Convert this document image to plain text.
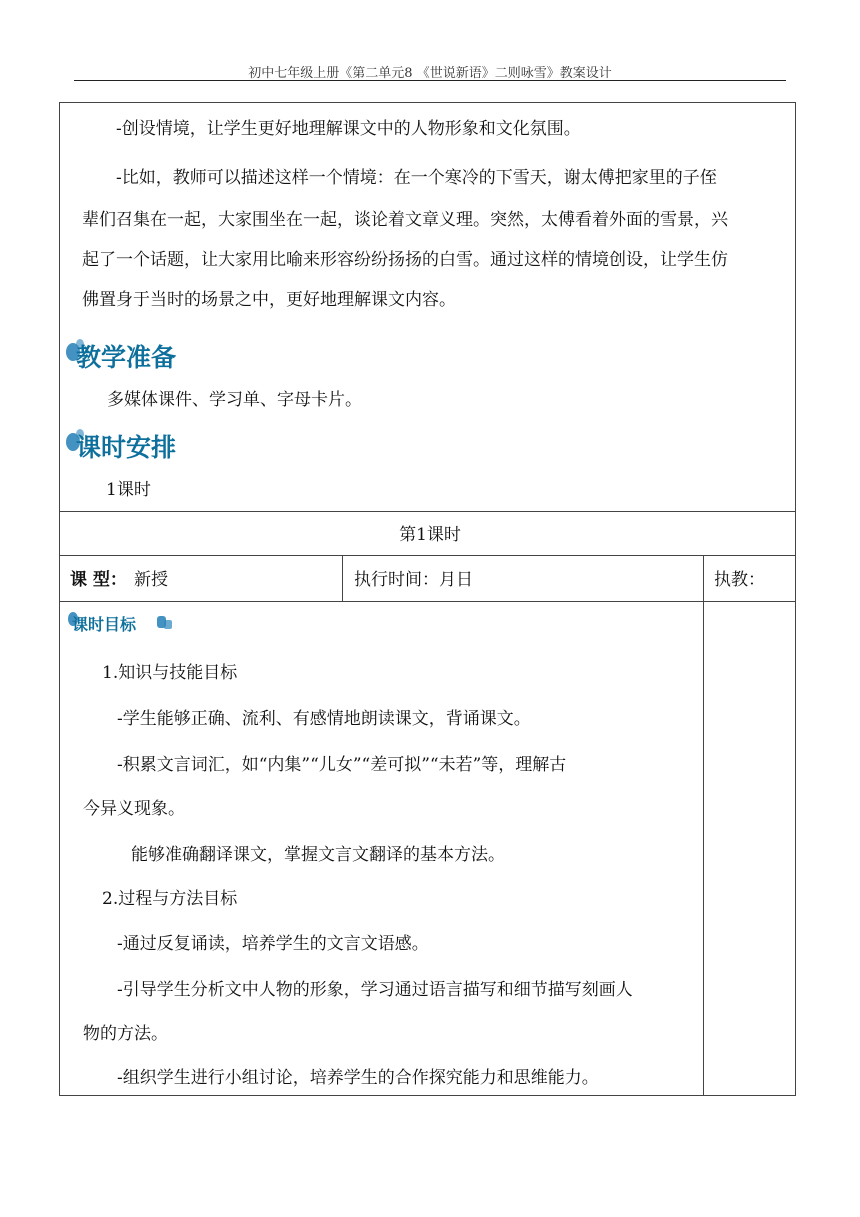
初中七年级上册《第二单元8 《世说新语》二则咏雪》教案设计
-创设情境，让学生更好地理解课文中的人物形象和文化氛围。
-比如，教师可以描述这样一个情境：在一个寒冷的下雪天，谢太傅把家里的子侄
辈们召集在一起，大家围坐在一起，谈论着文章义理。突然，太傅看着外面的雪景，兴
起了一个话题，让大家用比喻来形容纷纷扬扬的白雪。通过这样的情境创设，让学生仿
佛置身于当时的场景之中，更好地理解课文内容。
教学准备
多媒体课件、学习单、字母卡片。
课时安排
1课时
第1课时
课 型： 新授	执行时间：月日	执教：
课时目标
1.知识与技能目标
-学生能够正确、流利、有感情地朗读课文，背诵课文。
-积累文言词汇，如“内集”“儿女”“差可拟”“未若”等，理解古
今异义现象。
能够准确翻译课文，掌握文言文翻译的基本方法。
2.过程与方法目标
-通过反复诵读，培养学生的文言文语感。
-引导学生分析文中人物的形象，学习通过语言描写和细节描写刻画人
物的方法。
-组织学生进行小组讨论，培养学生的合作探究能力和思维能力。
